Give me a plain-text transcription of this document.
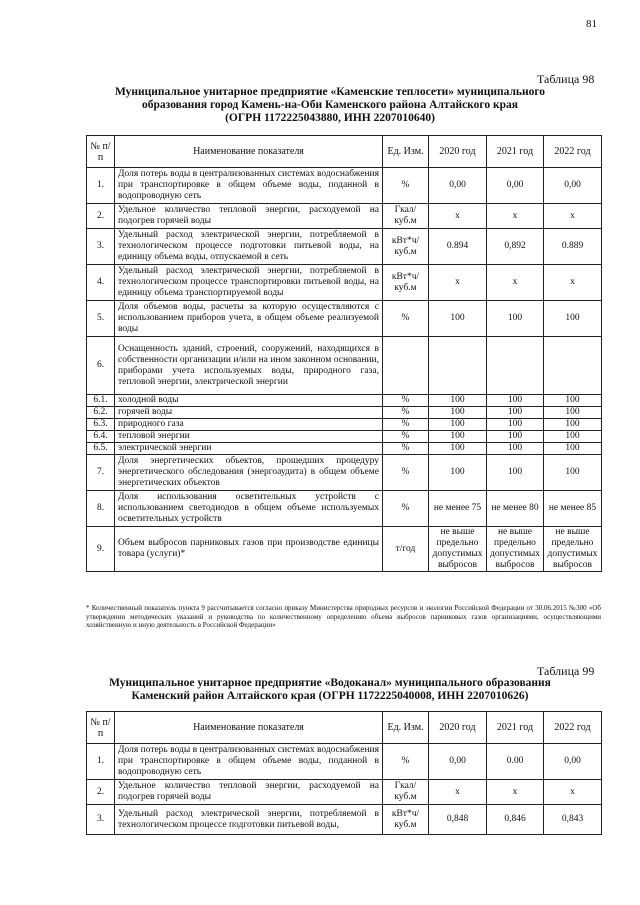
81
Таблица 98
Муниципальное унитарное предприятие «Каменские теплосети» муниципального
образования город Камень-на-Оби Каменского района Алтайского края
(ОГРН 1172225043880, ИНН 2207010640)
№ п/п	Наименование показателя	Ед. Изм.	2020 год	2021 год	2022 год
1.	Доля потерь воды в централизованных системах водоснабжения при транспортировке в общем объеме воды, поданной в водопроводную сеть	%	0,00	0,00	0,00
2.	Удельное количество тепловой энергии, расходуемой на подогрев горячей воды	Гкал/ куб.м	х	х	х
3.	Удельный расход электрической энергии, потребляемой в технологическом процессе подготовки питьевой воды, на единицу объема воды, отпускаемой в сеть	кВт*ч/ куб.м	0.894	0,892	0.889
4.	Удельный расход электрической энергии, потребляемой в технологическом процессе транспортировки питьевой воды, на единицу объема транспортируемой воды	кВт*ч/ куб.м	х	х	х
5.	Доля объемов воды, расчеты за которую осуществляются с использованием приборов учета, в общем объеме реализуемой воды	%	100	100	100
6.	Оснащенность зданий, строений, сооружений, находящихся в собственности организации и/или на ином законном основании, приборами учета используемых воды, природного газа, тепловой энергии, электрической энергии				
6.1.	холодной воды	%	100	100	100
6.2.	горячей воды	%	100	100	100
6.3.	природного газа	%	100	100	100
6.4.	тепловой энергии	%	100	100	100
6.5.	электрической энергии	%	100	100	100
7.	Доля энергетических объектов, прошедших процедуру энергетического обследования (энергоаудита) в общем объеме энергетических объектов	%	100	100	100
8.	Доля использования осветительных устройств с использованием светодиодов в общем объеме используемых осветительных устройств	%	не менее 75	не менее 80	не менее 85
9.	Объем выбросов парниковых газов при производстве единицы товара (услуги)*	т/год	не выше предельно допустимых выбросов	не выше предельно допустимых выбросов	не выше предельно допустимых выбросов
* Количественный показатель пункта 9 рассчитывается согласно приказу Министерства природных ресурсов и экологии Российской Федерации от 30.06.2015 №300 «Об утверждении методических указаний и руководства по количественному определению объема выбросов парниковых газов организациями, осуществляющими хозяйственную и иную деятельность в Российской Федерации»
Таблица 99
Муниципальное унитарное предприятие «Водоканал» муниципального образования
Каменский район Алтайского края (ОГРН 1172225040008, ИНН 2207010626)
№ п/п	Наименование показателя	Ед. Изм.	2020 год	2021 год	2022 год
1.	Доля потерь воды в централизованных системах водоснабжения при транспортировке в общем объеме воды, поданной в водопроводную сеть	%	0,00	0.00	0,00
2.	Удельное количество тепловой энергии, расходуемой на подогрев горячей воды	Гкал/ куб.м	х	х	х
3.	Удельный расход электрической энергии, потребляемой в технологическом процессе подготовки питьевой воды,	кВт*ч/ куб.м	0,848	0,846	0,843
